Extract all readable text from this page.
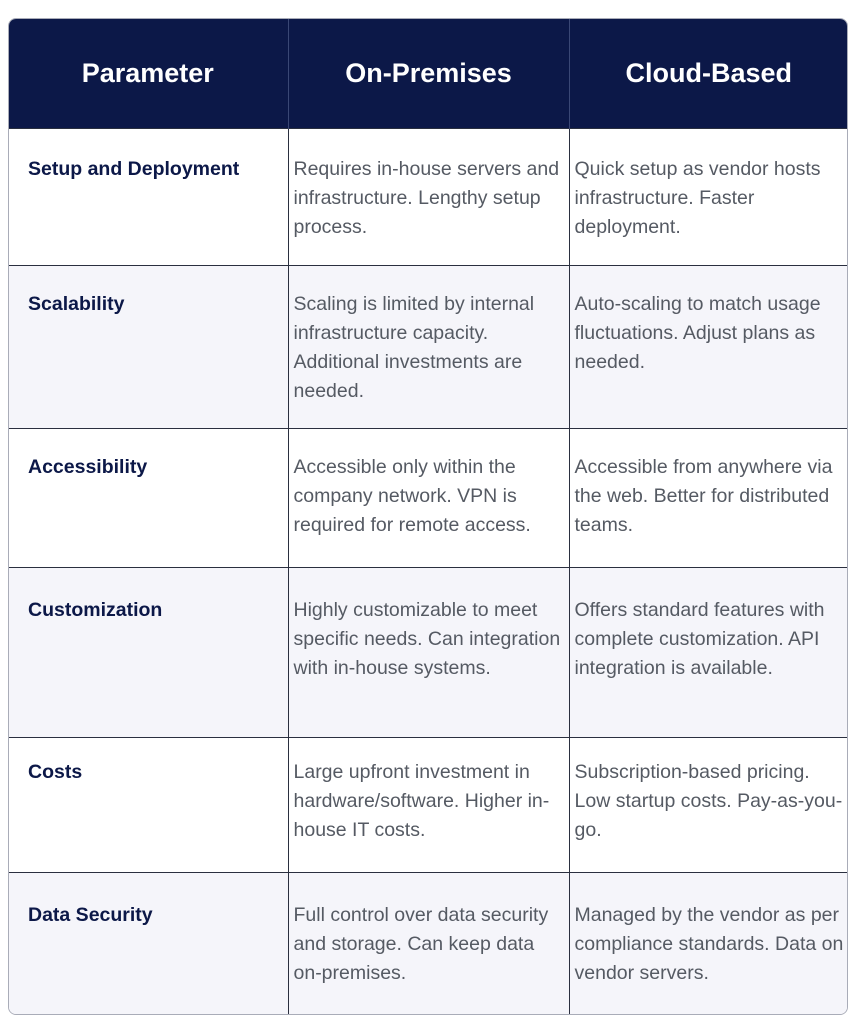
Parameter	On-Premises	Cloud-Based
Setup and Deployment	Requires in-house servers and infrastructure. Lengthy setup process.	Quick setup as vendor hosts infrastructure. Faster deployment.
Scalability	Scaling is limited by internal infrastructure capacity. Additional investments are needed.	Auto-scaling to match usage fluctuations. Adjust plans as needed.
Accessibility	Accessible only within the company network. VPN is required for remote access.	Accessible from anywhere via the web. Better for distributed teams.
Customization	Highly customizable to meet specific needs. Can integration with in-house systems.	Offers standard features with complete customization. API integration is available.
Costs	Large upfront investment in hardware/software. Higher in-house IT costs.	Subscription-based pricing. Low startup costs. Pay-as-you-go.
Data Security	Full control over data security and storage. Can keep data on-premises.	Managed by the vendor as per compliance standards. Data on vendor servers.
